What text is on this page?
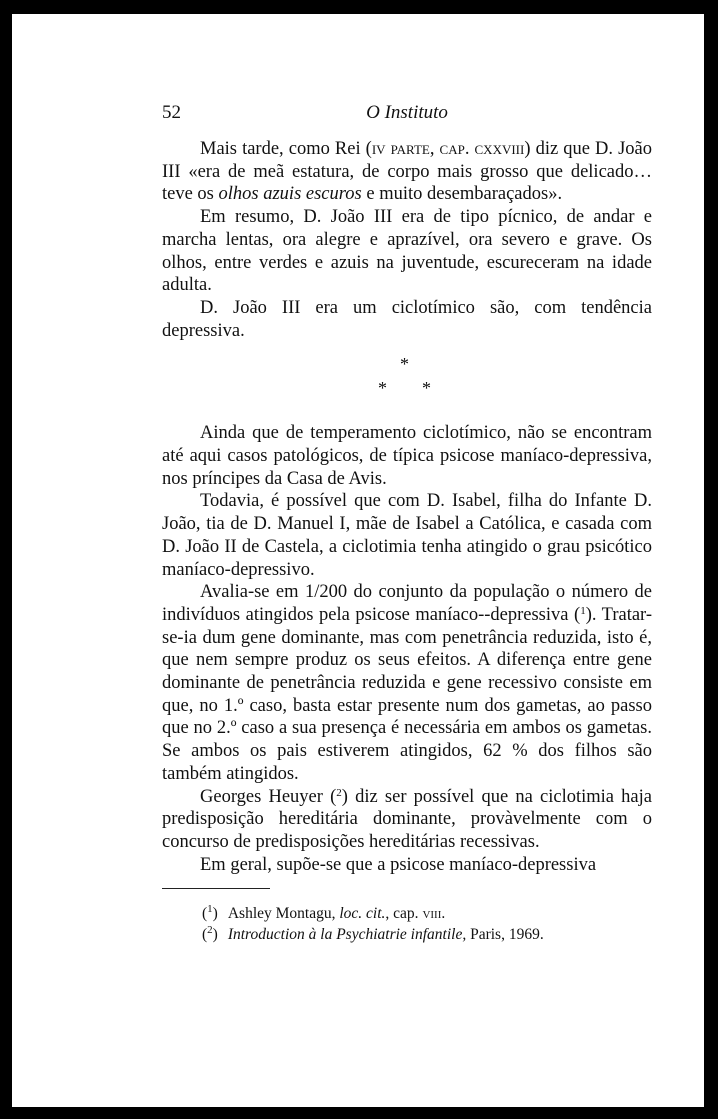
52	O Instituto

Mais tarde, como Rei (iv parte, cap. cxxviii) diz que D. João III «era de meã estatura, de corpo mais grosso que delicado… teve os olhos azuis escuros e muito desembaraçados».

Em resumo, D. João III era de tipo pícnico, de andar e marcha lentas, ora alegre e aprazível, ora severo e grave. Os olhos, entre verdes e azuis na juventude, escureceram na idade adulta.

D. João III era um ciclotímico são, com tendência depressiva.

*
* *

Ainda que de temperamento ciclotímico, não se encontram até aqui casos patológicos, de típica psicose maníaco-depressiva, nos príncipes da Casa de Avis.

Todavia, é possível que com D. Isabel, filha do Infante D. João, tia de D. Manuel I, mãe de Isabel a Católica, e casada com D. João II de Castela, a ciclotimia tenha atingido o grau psicótico maníaco-depressivo.

Avalia-se em 1/200 do conjunto da população o número de indivíduos atingidos pela psicose maníaco--depressiva ($^1$). Tratar-se-ia dum gene dominante, mas com penetrância reduzida, isto é, que nem sempre produz os seus efeitos. A diferença entre gene dominante de penetrância reduzida e gene recessivo consiste em que, no 1.º caso, basta estar presente num dos gametas, ao passo que no 2.º caso a sua presença é necessária em ambos os gametas. Se ambos os pais estiverem atingidos, 62 % dos filhos são também atingidos.

Georges Heuyer ($^2$) diz ser possível que na ciclotimia haja predisposição hereditária dominante, provàvelmente com o concurso de predisposições hereditárias recessivas.

Em geral, supõe-se que a psicose maníaco-depressiva

($^1$) Ashley Montagu, loc. cit., cap. viii.

($^2$) Introduction à la Psychiatrie infantile, Paris, 1969.
